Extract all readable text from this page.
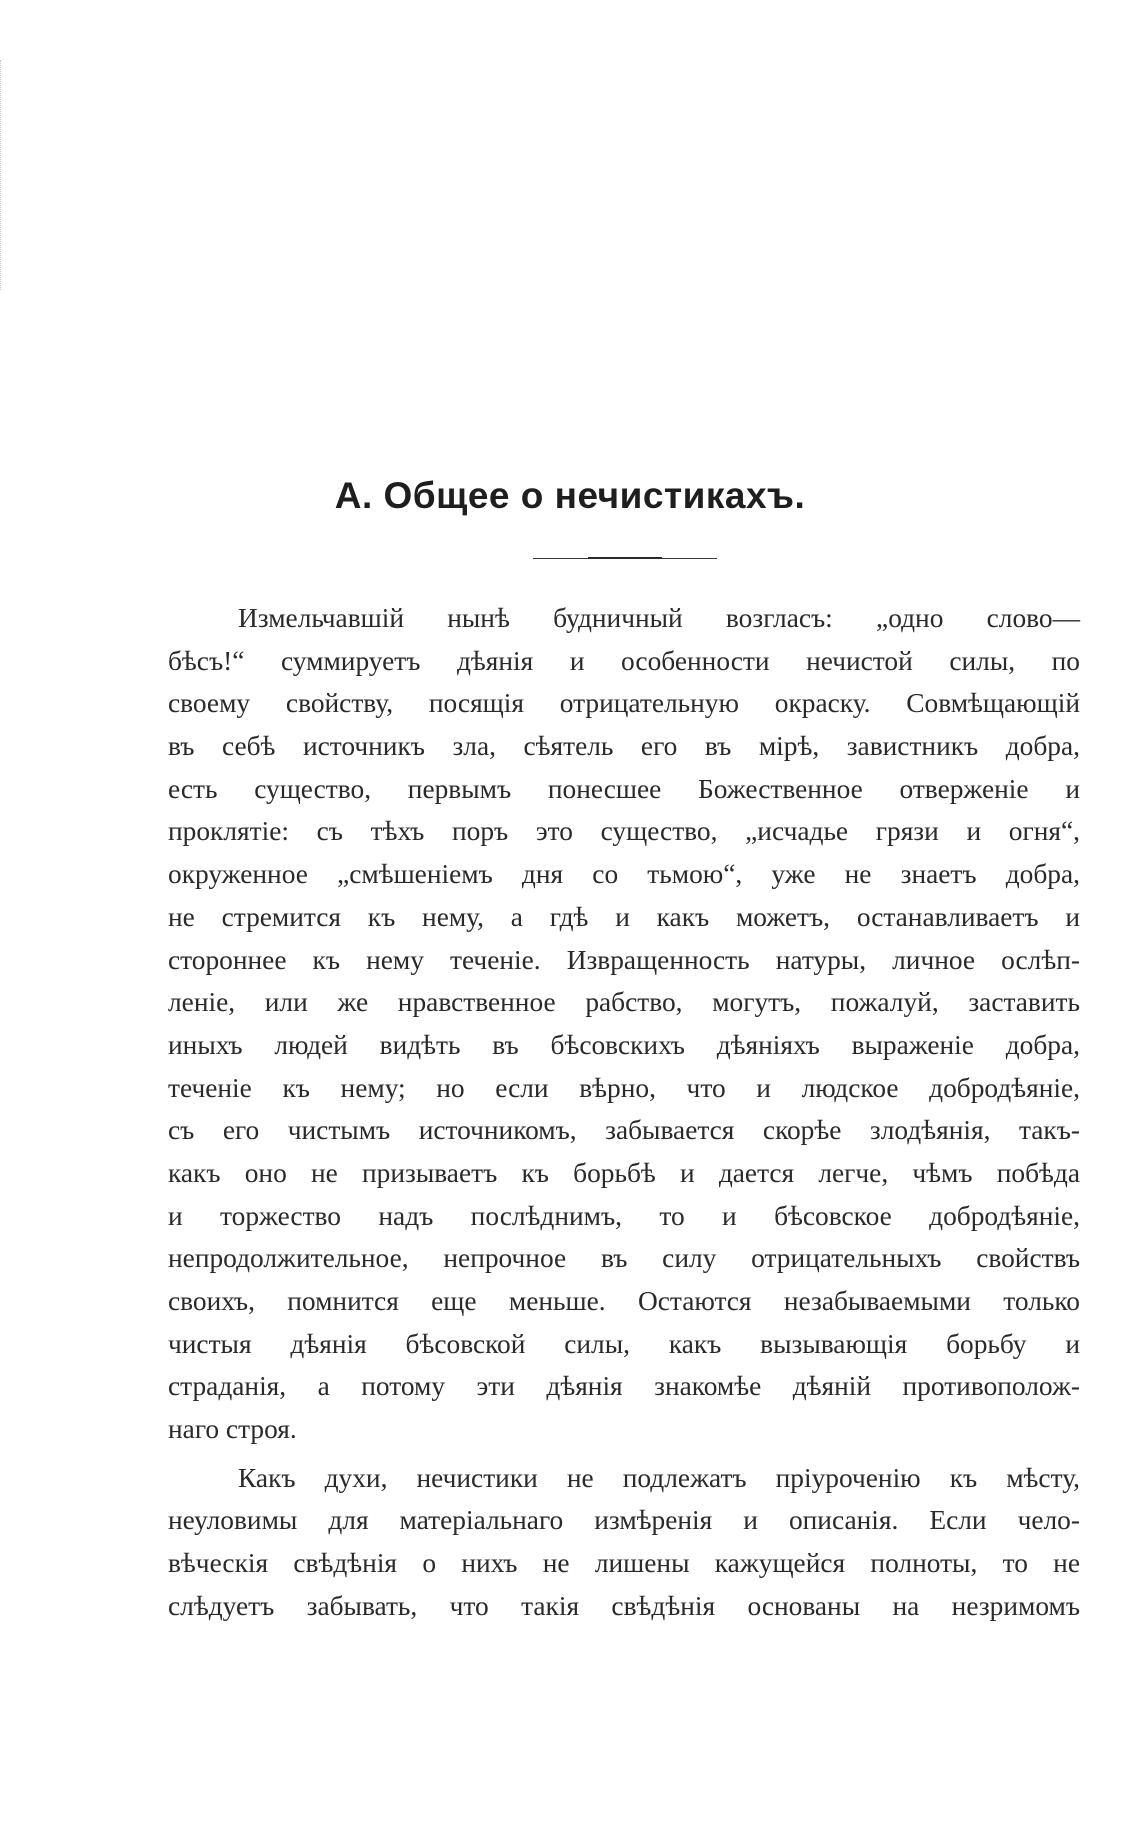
А. Общее о нечистикахъ.
Измельчавшій нынѣ будничный возгласъ: „одно слово—
бѣсъ!“ суммируетъ дѣянія и особенности нечистой силы, по
своему свойству, посящія отрицательную окраску. Совмѣщающій
въ себѣ источникъ зла, сѣятель его въ мірѣ, завистникъ добра,
есть существо, первымъ понесшее Божественное отверженіе и
проклятіе: съ тѣхъ поръ это существо, „исчадье грязи и огня“,
окруженное „смѣшеніемъ дня со тьмою“, уже не знаетъ добра,
не стремится къ нему, а гдѣ и какъ можетъ, останавливаетъ и
стороннее къ нему теченіе. Извращенность натуры, личное ослѣп-
леніе, или же нравственное рабство, могутъ, пожалуй, заставить
иныхъ людей видѣть въ бѣсовскихъ дѣяніяхъ выраженіе добра,
теченіе къ нему; но если вѣрно, что и людское добродѣяніе,
съ его чистымъ источникомъ, забывается скорѣе злодѣянія, такъ-
какъ оно не призываетъ къ борьбѣ и дается легче, чѣмъ побѣда
и торжество надъ послѣднимъ, то и бѣсовское добродѣяніе,
непродолжительное, непрочное въ силу отрицательныхъ свойствъ
своихъ, помнится еще меньше. Остаются незабываемыми только
чистыя дѣянія бѣсовской силы, какъ вызывающія борьбу и
страданія, а потому эти дѣянія знакомѣе дѣяній противополож-
наго строя.
Какъ духи, нечистики не подлежатъ пріуроченію къ мѣсту,
неуловимы для матеріальнаго измѣренія и описанія. Если чело-
вѣческія свѣдѣнія о нихъ не лишены кажущейся полноты, то не
слѣдуетъ забывать, что такія свѣдѣнія основаны на незримомъ
